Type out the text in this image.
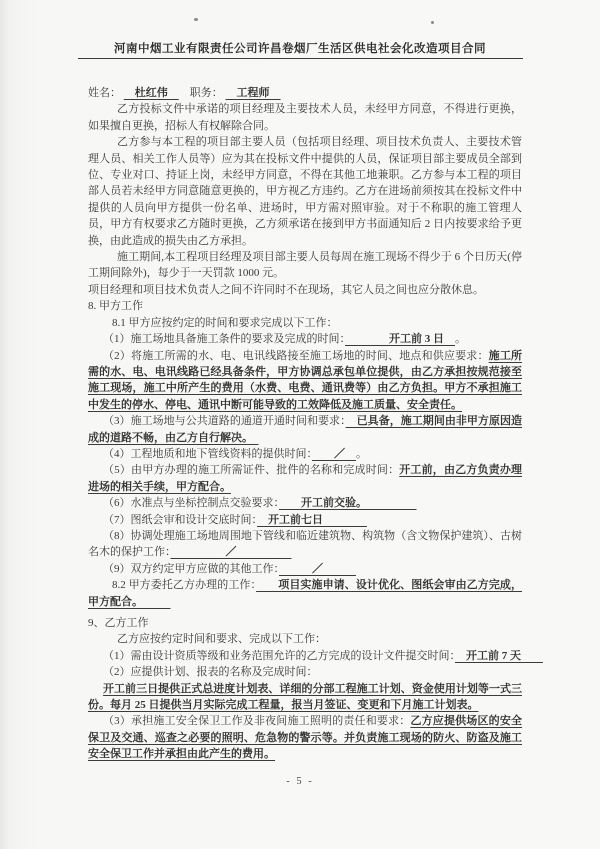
河南中烟工业有限责任公司许昌卷烟厂生活区供电社会化改造项目合同

姓名： 　杜红伟　　职务： 　工程师　

乙方投标文件中承诺的项目经理及主要技术人员，未经甲方同意，不得进行更换，如果擅自更换，招标人有权解除合同。

乙方参与本工程的项目部主要人员（包括项目经理、项目技术负责人、主要技术管理人员、相关工作人员等）应为其在投标文件中提供的人员，保证项目部主要成员全部到位、专业对口、持证上岗，未经甲方同意，不得在其他工地兼职。乙方参与本工程的项目部人员若未经甲方同意随意更换的，甲方视乙方违约。乙方在进场前须按其在投标文件中提供的人员向甲方提供一份名单、进场时，甲方需对照审验。对于不称职的施工管理人员，甲方有权要求乙方随时更换，乙方须承诺在接到甲方书面通知后 2 日内按要求给予更换，由此造成的损失由乙方承担。

施工期间,本工程项目经理及项目部主要人员每周在施工现场不得少于 6 个日历天(停工期间除外)，每少于一天罚款 1000 元。

项目经理和项目技术负责人之间不许同时不在现场，其它人员之间也应分散休息。

8. 甲方工作

8.1 甲方应按约定的时间和要求完成以下工作：

（1）施工场地具备施工条件的要求及完成的时间：　　　　开工前 3 日　。

（2）将施工所需的水、电、电讯线路接至施工场地的时间、地点和供应要求：施工所需的水、电、电讯线路已经具备条件，甲方协调总承包单位提供，由乙方承担按规范接至施工现场，施工中所产生的费用（水费、电费、通讯费等）由乙方负担。甲方不承担施工中发生的停水、停电、通讯中断可能导致的工效降低及施工质量、安全责任。

（3）施工场地与公共道路的通道开通时间和要求：　已具备，施工期间由非甲方原因造成的道路不畅，由乙方自行解决。　

（4）工程地质和地下管线资料的提供时间：　　／　。

（5）由甲方办理的施工所需证件、批件的名称和完成时间：开工前，由乙方负责办理进场的相关手续，甲方配合。

（6）水准点与坐标控制点交验要求：　　开工前交验。　　　　　

（7）图纸会审和设计交底时间：　开工前七日　　　　

（8）协调处理施工场地周围地下管线和临近建筑物、构筑物（含文物保护建筑）、古树名木的保护工作：　　　　　／　　　　　

（9）双方约定甲方应做的其他工作：　　　／　　　

8.2 甲方委托乙方办理的工作：　　项目实施申请、设计优化、图纸会审由乙方完成，甲方配合。　　　

9、乙方工作

乙方应按约定时间和要求、完成以下工作：

（1）需由设计资质等级和业务范围允许的乙方完成的设计文件提交时间：　开工前 7 天　　

（2）应提供计划、报表的名称及完成时间：

开工前三日提供正式总进度计划表、详细的分部工程施工计划、资金使用计划等一式三份。每月 25 日提供当月实际完成工程量，报当月签证、变更和下月施工计划表。

（3）承担施工安全保卫工作及非夜间施工照明的责任和要求：乙方应提供场区的安全保卫及交通、巡查之必要的照明、危急物的警示等。并负责施工现场的防火、防盗及施工安全保卫工作并承担由此产生的费用。

- 5 -
